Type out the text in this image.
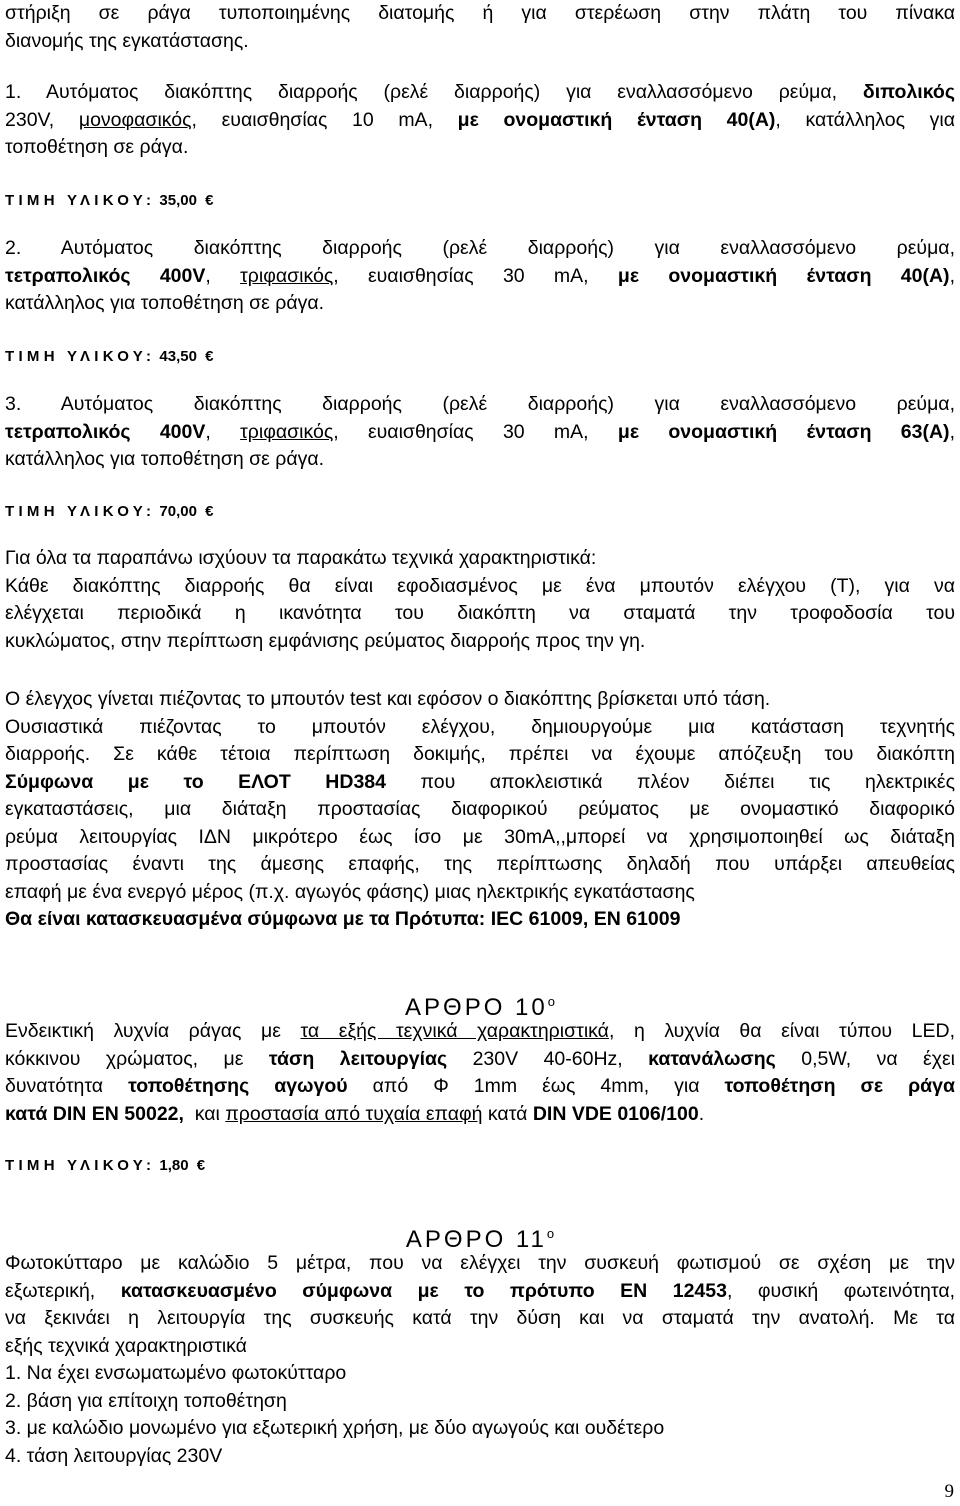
στήριξη σε ράγα τυποποιημένης διατομής ή για στερέωση στην πλάτη του πίνακα
διανομής της εγκατάστασης.
1. Αυτόματος διακόπτης διαρροής (ρελέ διαρροής) για εναλλασσόμενο ρεύμα, διπολικός
230V, μονοφασικός, ευαισθησίας 10 mA, με ονομαστική ένταση 40(Α), κατάλληλος για
τοποθέτηση σε ράγα.
ΤΙΜΗ ΥΛΙΚΟΥ: 35,00 €
2. Αυτόματος διακόπτης διαρροής (ρελέ διαρροής) για εναλλασσόμενο ρεύμα,
τετραπολικός 400V, τριφασικός, ευαισθησίας 30 mA, με ονομαστική ένταση 40(Α),
κατάλληλος για τοποθέτηση σε ράγα.
ΤΙΜΗ ΥΛΙΚΟΥ: 43,50 €
3. Αυτόματος διακόπτης διαρροής (ρελέ διαρροής) για εναλλασσόμενο ρεύμα,
τετραπολικός 400V, τριφασικός, ευαισθησίας 30 mA, με ονομαστική ένταση 63(Α),
κατάλληλος για τοποθέτηση σε ράγα.
ΤΙΜΗ ΥΛΙΚΟΥ: 70,00 €
Για όλα τα παραπάνω ισχύουν τα παρακάτω τεχνικά χαρακτηριστικά:
Κάθε διακόπτης διαρροής θα είναι εφοδιασμένος με ένα μπουτόν ελέγχου (T), για να
ελέγχεται περιοδικά η ικανότητα του διακόπτη να σταματά την τροφοδοσία του
κυκλώματος, στην περίπτωση εμφάνισης ρεύματος διαρροής προς την γη.
Ο έλεγχος γίνεται πιέζοντας το μπουτόν test και εφόσον ο διακόπτης βρίσκεται υπό τάση.
Ουσιαστικά πιέζοντας το μπουτόν ελέγχου, δημιουργούμε μια κατάσταση τεχνητής
διαρροής. Σε κάθε τέτοια περίπτωση δοκιμής, πρέπει να έχουμε απόζευξη του διακόπτη
Σύμφωνα με το ΕΛΟΤ HD384 που αποκλειστικά πλέον διέπει τις ηλεκτρικές
εγκαταστάσεις, μια διάταξη προστασίας διαφορικού ρεύματος με ονομαστικό διαφορικό
ρεύμα λειτουργίας IΔN μικρότερο έως ίσο με 30mA,,μπορεί να χρησιμοποιηθεί ως διάταξη
προστασίας έναντι της άμεσης επαφής, της περίπτωσης δηλαδή που υπάρξει απευθείας
επαφή με ένα ενεργό μέρος (π.χ. αγωγός φάσης) μιας ηλεκτρικής εγκατάστασης
Θα είναι κατασκευασμένα σύμφωνα με τα Πρότυπα: IEC 61009, EN 61009
ΑΡΘΡΟ $10^o$
Ενδεικτική λυχνία ράγας με τα εξής τεχνικά χαρακτηριστικά, η λυχνία θα είναι τύπου LED,
κόκκινου χρώματος, με τάση λειτουργίας 230V 40-60Hz, κατανάλωσης 0,5W, να έχει
δυνατότητα τοποθέτησης αγωγού από Φ 1mm έως 4mm, για τοποθέτηση σε ράγα
κατά DIN EN 50022,  και προστασία από τυχαία επαφή κατά DIN VDE 0106/100.
ΤΙΜΗ ΥΛΙΚΟΥ: 1,80 €
ΑΡΘΡΟ $11^o$
Φωτοκύτταρο με καλώδιο 5 μέτρα, που να ελέγχει την συσκευή φωτισμού σε σχέση με την
εξωτερική, κατασκευασμένο σύμφωνα με το πρότυπο ΕΝ 12453, φυσική φωτεινότητα,
να ξεκινάει η λειτουργία της συσκευής κατά την δύση και να σταματά την ανατολή. Με τα
εξής τεχνικά χαρακτηριστικά
1. Να έχει ενσωματωμένο φωτοκύτταρο
2. βάση για επίτοιχη τοποθέτηση
3. με καλώδιο μονωμένο για εξωτερική χρήση, με δύο αγωγούς και ουδέτερο
4. τάση λειτουργίας 230V
9
